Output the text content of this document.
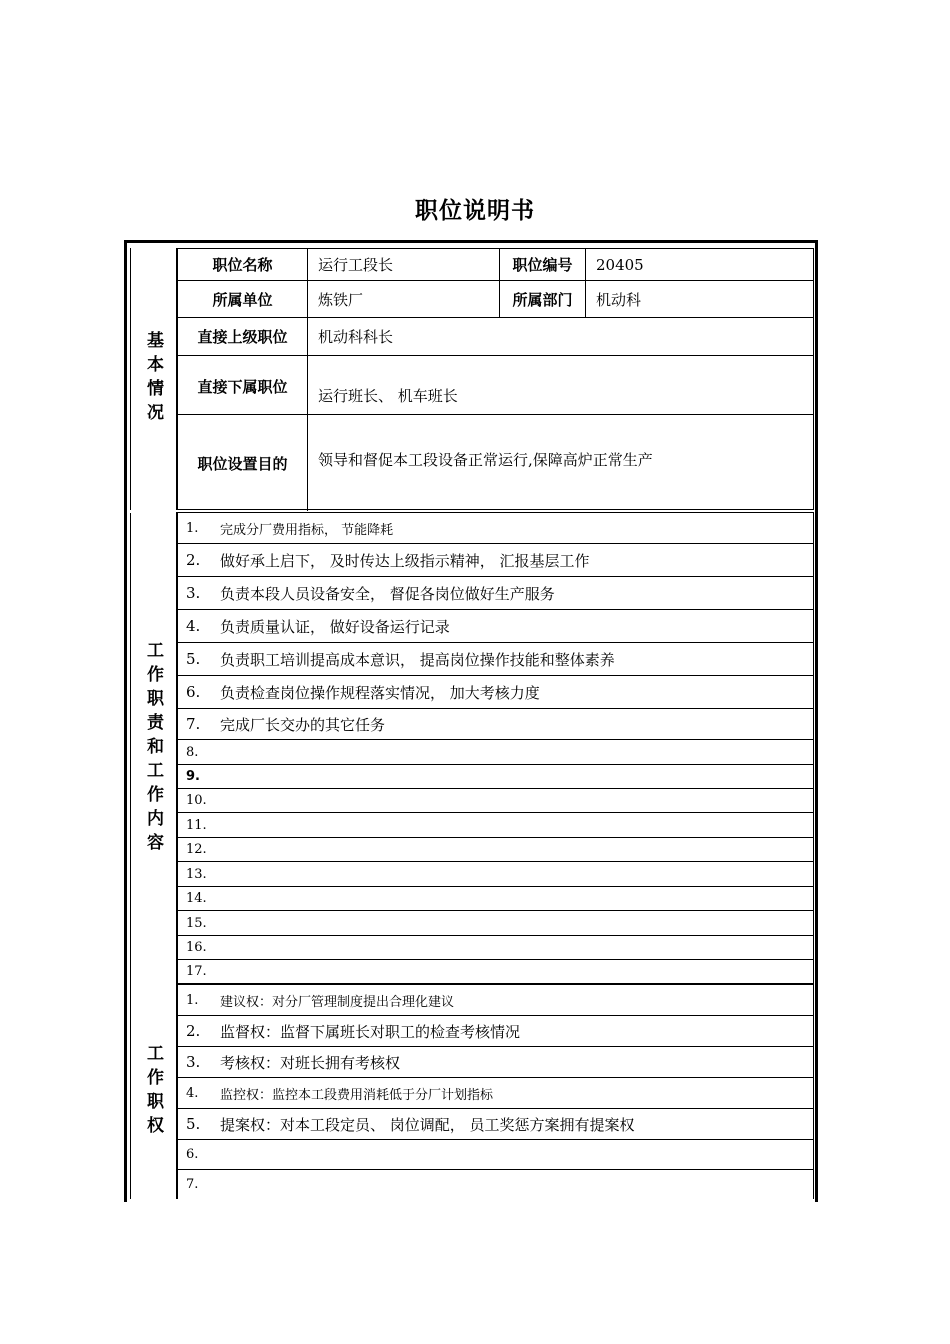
职位说明书
基本情况
职位名称	运行工段长	职位编号	20405
所属单位	炼铁厂	所属部门	机动科
直接上级职位	机动科科长
直接下属职位	运行班长、 机车班长
职位设置目的	领导和督促本工段设备正常运行,保障高炉正常生产
工作职责和工作内容
1.	完成分厂费用指标， 节能降耗
2.	做好承上启下， 及时传达上级指示精神， 汇报基层工作
3.	负责本段人员设备安全， 督促各岗位做好生产服务
4.	负责质量认证， 做好设备运行记录
5.	负责职工培训提高成本意识， 提高岗位操作技能和整体素养
6.	负责检查岗位操作规程落实情况， 加大考核力度
7.	完成厂长交办的其它任务
8.
9.
10.
11.
12.
13.
14.
15.
16.
17.
工作职权
1.	建议权：对分厂管理制度提出合理化建议
2.	监督权：监督下属班长对职工的检查考核情况
3.	考核权：对班长拥有考核权
4.	监控权：监控本工段费用消耗低于分厂计划指标
5.	提案权：对本工段定员、 岗位调配， 员工奖惩方案拥有提案权
6.
7.
